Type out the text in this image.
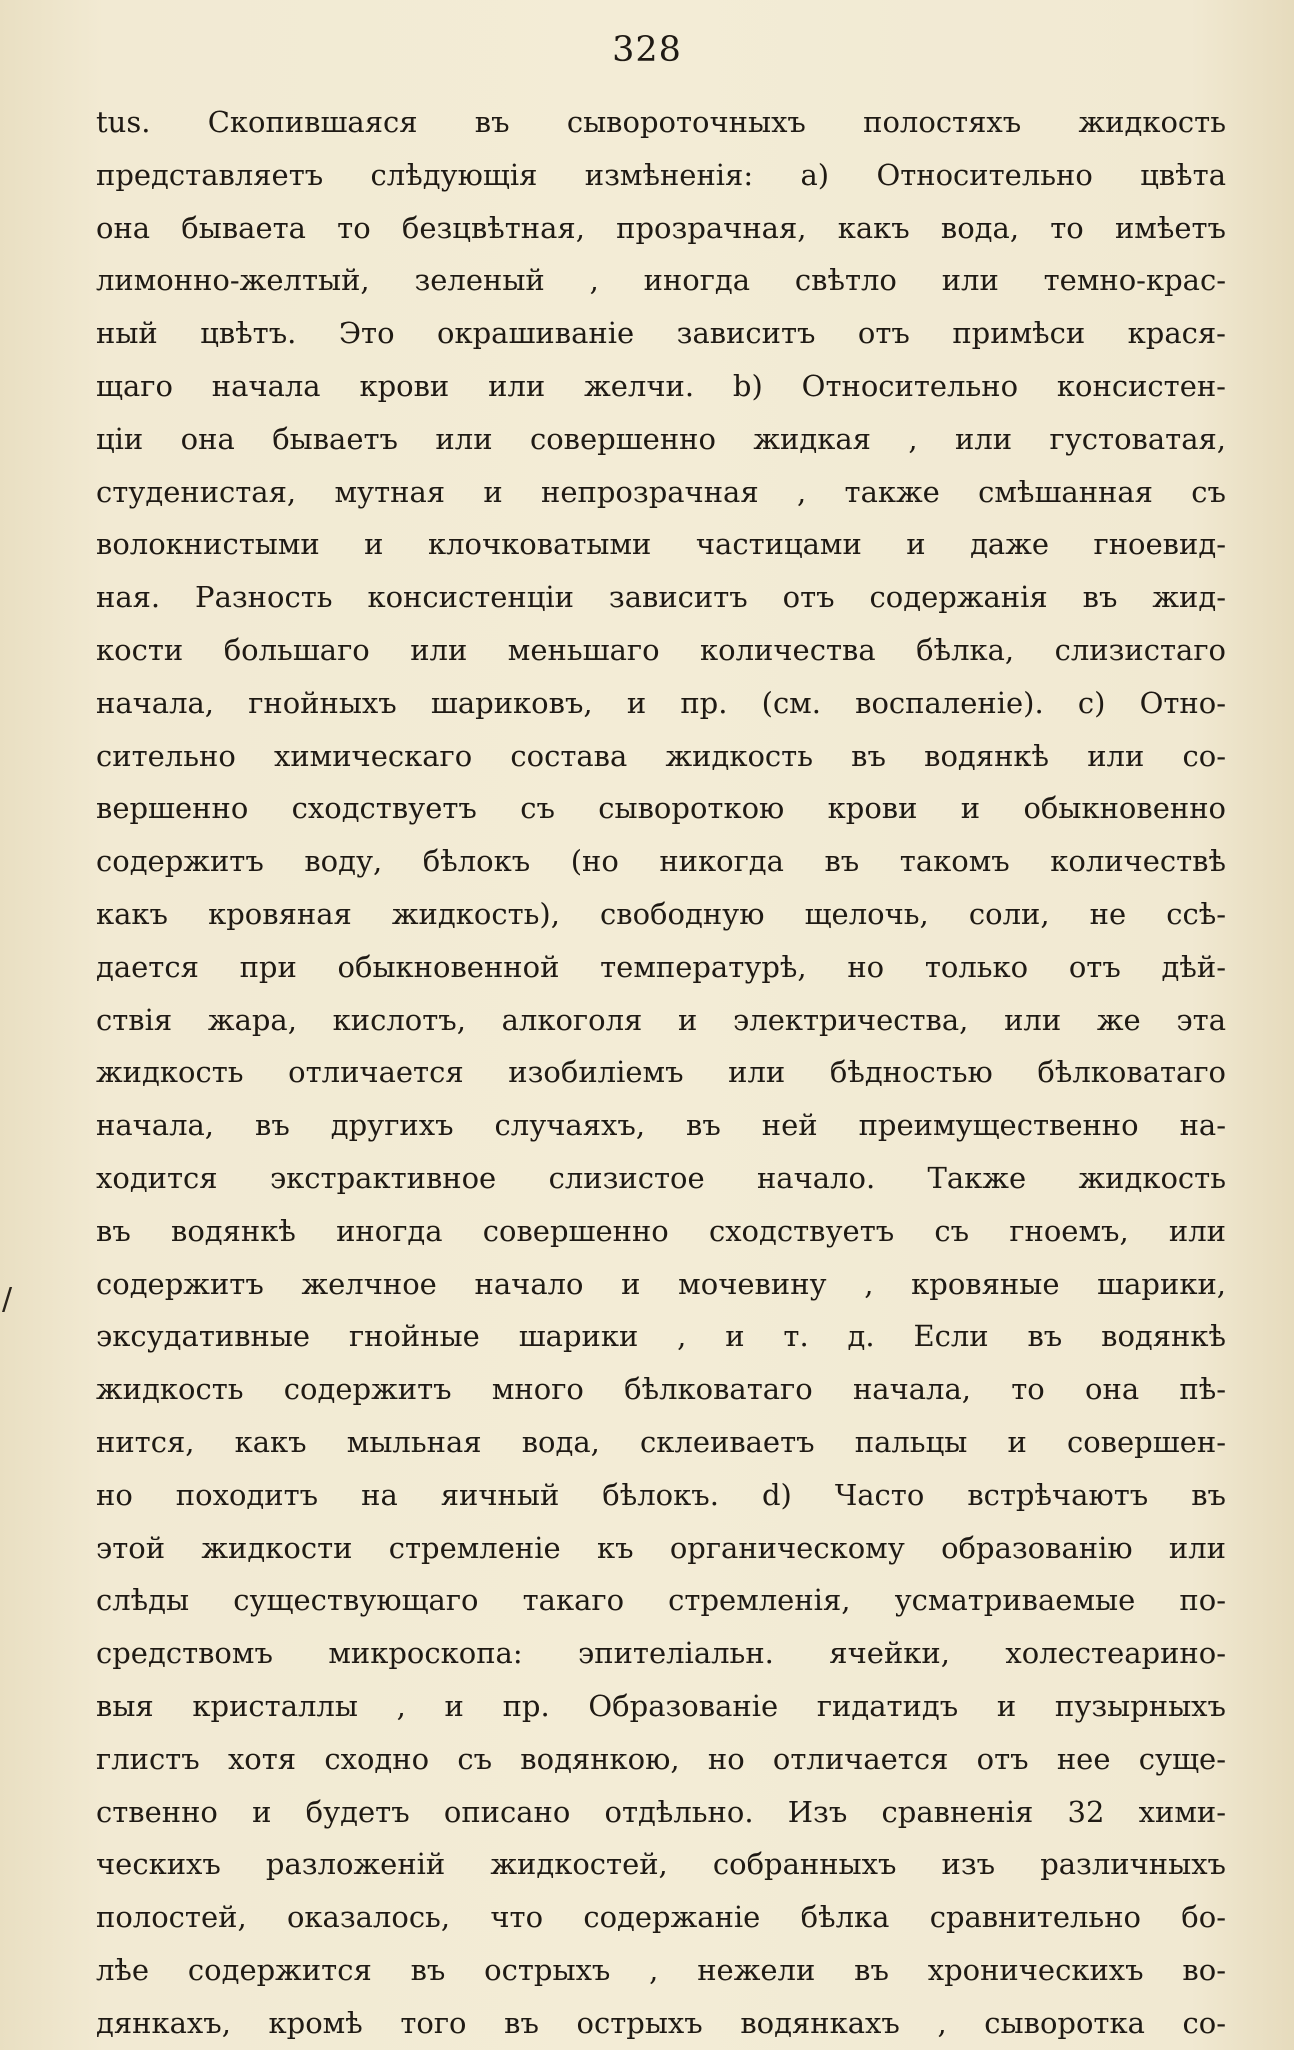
328
/
tus. Скопившаяся въ сывороточныхъ полостяхъ жидкость
представляетъ слѣдующія измѣненія: а) Относительно цвѣта
она бываета то безцвѣтная, прозрачная, какъ вода, то имѣетъ
лимонно-желтый, зеленый , иногда свѣтло или темно-крас-
ный цвѣтъ. Это окрашиваніе зависитъ отъ примѣси крася-
щаго начала крови или желчи. b) Относительно консистен-
ціи она бываетъ или совершенно жидкая , или густоватая,
студенистая, мутная и непрозрачная , также смѣшанная съ
волокнистыми и клочковатыми частицами и даже гноевид-
ная. Разность консистенціи зависитъ отъ содержанія въ жид-
кости большаго или меньшаго количества бѣлка, слизистаго
начала, гнойныхъ шариковъ, и пр. (см. воспаленіе). с) Отно-
сительно химическаго состава жидкость въ водянкѣ или со-
вершенно сходствуетъ съ сывороткою крови и обыкновенно
содержитъ воду, бѣлокъ (но никогда въ такомъ количествѣ
какъ кровяная жидкость), свободную щелочь, соли, не ссѣ-
дается при обыкновенной температурѣ, но только отъ дѣй-
ствія жара, кислотъ, алкоголя и электричества, или же эта
жидкость отличается изобиліемъ или бѣдностью бѣлковатаго
начала, въ другихъ случаяхъ, въ ней преимущественно на-
ходится экстрактивное слизистое начало. Также жидкость
въ водянкѣ иногда совершенно сходствуетъ съ гноемъ, или
содержитъ желчное начало и мочевину , кровяные шарики,
эксудативные гнойные шарики , и т. д. Если въ водянкѣ
жидкость содержитъ много бѣлковатаго начала, то она пѣ-
нится, какъ мыльная вода, склеиваетъ пальцы и совершен-
но походитъ на яичный бѣлокъ. d) Часто встрѣчаютъ въ
этой жидкости стремленіе къ органическому образованію или
слѣды существующаго такаго стремленія, усматриваемые по-
средствомъ микроскопа: эпителіальн. ячейки, холестеарино-
выя кристаллы , и пр. Образованіе гидатидъ и пузырныхъ
глистъ хотя сходно съ водянкою, но отличается отъ нее суще-
ственно и будетъ описано отдѣльно. Изъ сравненія 32 хими-
ческихъ разложеній жидкостей, собранныхъ изъ различныхъ
полостей, оказалось, что содержаніе бѣлка сравнительно бо-
лѣе содержится въ острыхъ , нежели въ хроническихъ во-
дянкахъ, кромѣ того въ острыхъ водянкахъ , сыворотка со-
